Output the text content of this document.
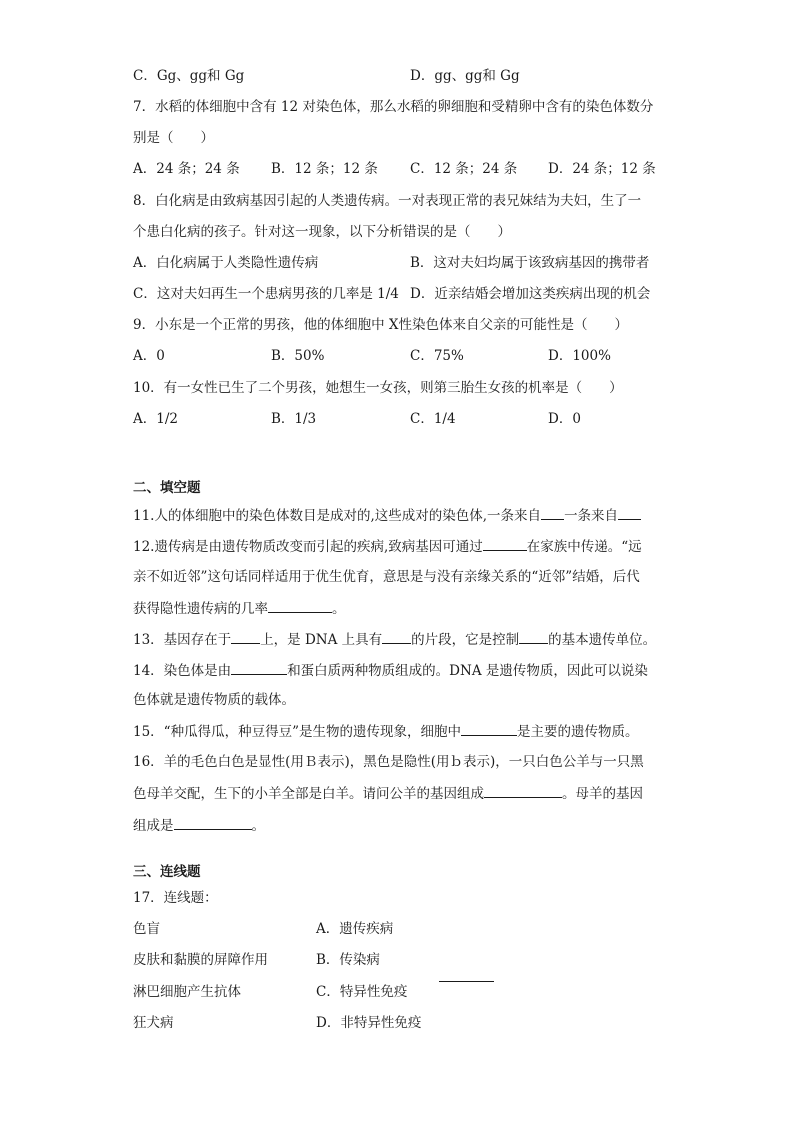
C．Gg、gg和 Gg	D．gg、gg和 Gg
7．水稻的体细胞中含有 12 对染色体，那么水稻的卵细胞和受精卵中含有的染色体数分
别是（　　）
A．24 条；24 条 B．12 条；12 条 C．12 条；24 条 D．24 条；12 条
8．白化病是由致病基因引起的人类遗传病。一对表现正常的表兄妹结为夫妇，生了一
个患白化病的孩子。针对这一现象，以下分析错误的是（　　）
A．白化病属于人类隐性遗传病	B．这对夫妇均属于该致病基因的携带者
C．这对夫妇再生一个患病男孩的几率是 1/4 D．近亲结婚会增加这类疾病出现的机会
9．小东是一个正常的男孩，他的体细胞中 X性染色体来自父亲的可能性是（　　）
A．0	B．50%	C．75%	D．100%
10．有一女性已生了二个男孩，她想生一女孩，则第三胎生女孩的机率是（　　）
A．1/2	B．1/3	C．1/4	D．0
二、填空题
11.人的体细胞中的染色体数目是成对的,这些成对的染色体,一条来自 一条来自
12.遗传病是由遗传物质改变而引起的疾病,致病基因可通过	在家族中传递。“远
亲不如近邻”这句话同样适用于优生优育，意思是与没有亲缘关系的“近邻”结婚，后代
获得隐性遗传病的几率	。
13．基因存在于 上，是 DNA 上具有 的片段，它是控制 的基本遗传单位。
14．染色体是由	和蛋白质两种物质组成的。DNA 是遗传物质，因此可以说染
色体就是遗传物质的载体。
15．“种瓜得瓜，种豆得豆”是生物的遗传现象，细胞中	是主要的遗传物质。
16．羊的毛色白色是显性(用Ｂ表示)，黑色是隐性(用ｂ表示)，一只白色公羊与一只黑
色母羊交配，生下的小羊全部是白羊。请问公羊的基因组成	。母羊的基因
组成是	。
三、连线题
17．连线题：
色盲	A．遗传疾病
皮肤和黏膜的屏障作用	B．传染病
淋巴细胞产生抗体	C．特异性免疫
狂犬病	D．非特异性免疫
